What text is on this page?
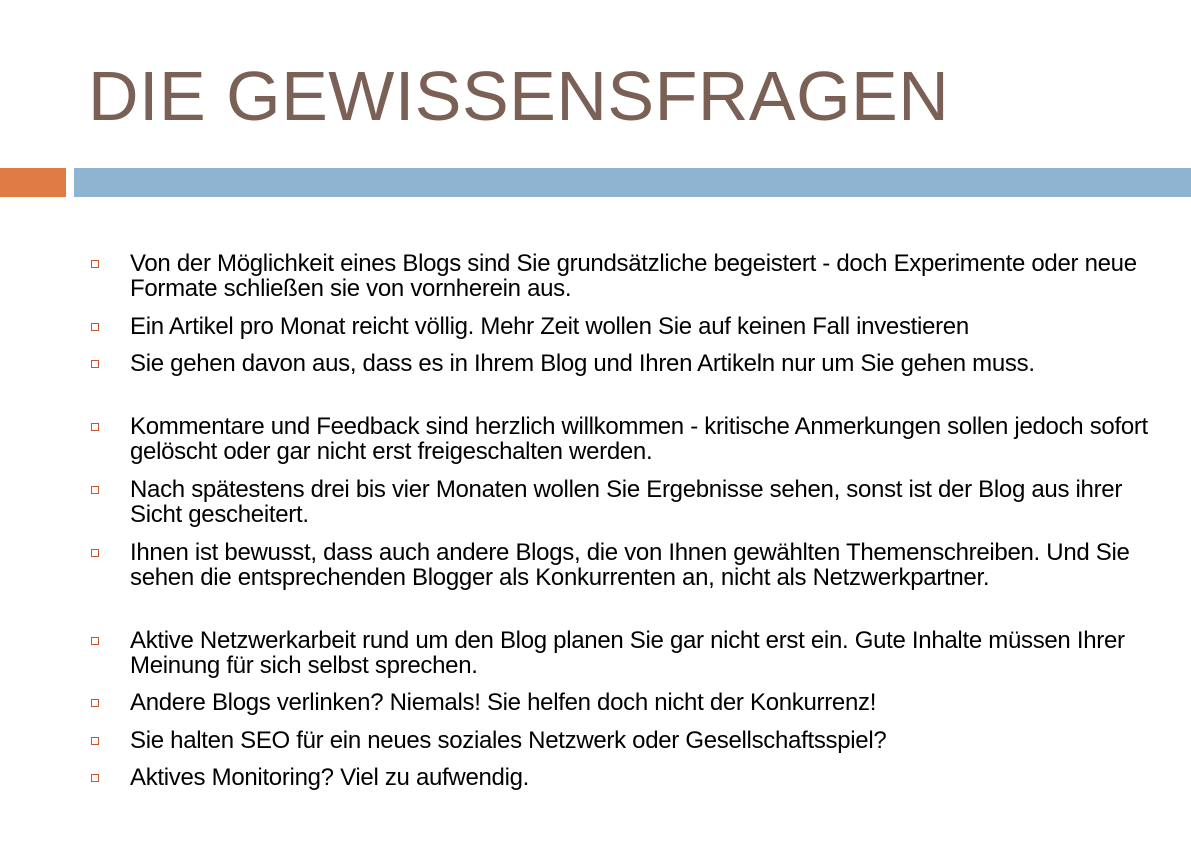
DIE GEWISSENSFRAGEN
Von der Möglichkeit eines Blogs sind Sie grundsätzliche begeistert - doch Experimente oder neue Formate schließen sie von vornherein aus.
Ein Artikel pro Monat reicht völlig. Mehr Zeit wollen Sie auf keinen Fall investieren
Sie gehen davon aus, dass es in Ihrem Blog und Ihren Artikeln nur um Sie gehen muss.
Kommentare und Feedback sind herzlich willkommen - kritische Anmerkungen sollen jedoch sofort gelöscht oder gar nicht erst freigeschalten werden.
Nach spätestens drei bis vier Monaten wollen Sie Ergebnisse sehen, sonst ist der Blog aus ihrer Sicht gescheitert.
Ihnen ist bewusst, dass auch andere Blogs, die von Ihnen gewählten Themenschreiben. Und Sie sehen die entsprechenden Blogger als Konkurrenten an, nicht als Netzwerkpartner.
Aktive Netzwerkarbeit rund um den Blog planen Sie gar nicht erst ein. Gute Inhalte müssen Ihrer Meinung für sich selbst sprechen.
Andere Blogs verlinken? Niemals! Sie helfen doch nicht der Konkurrenz!
Sie halten SEO für ein neues soziales Netzwerk oder Gesellschaftsspiel?
Aktives Monitoring? Viel zu aufwendig.
